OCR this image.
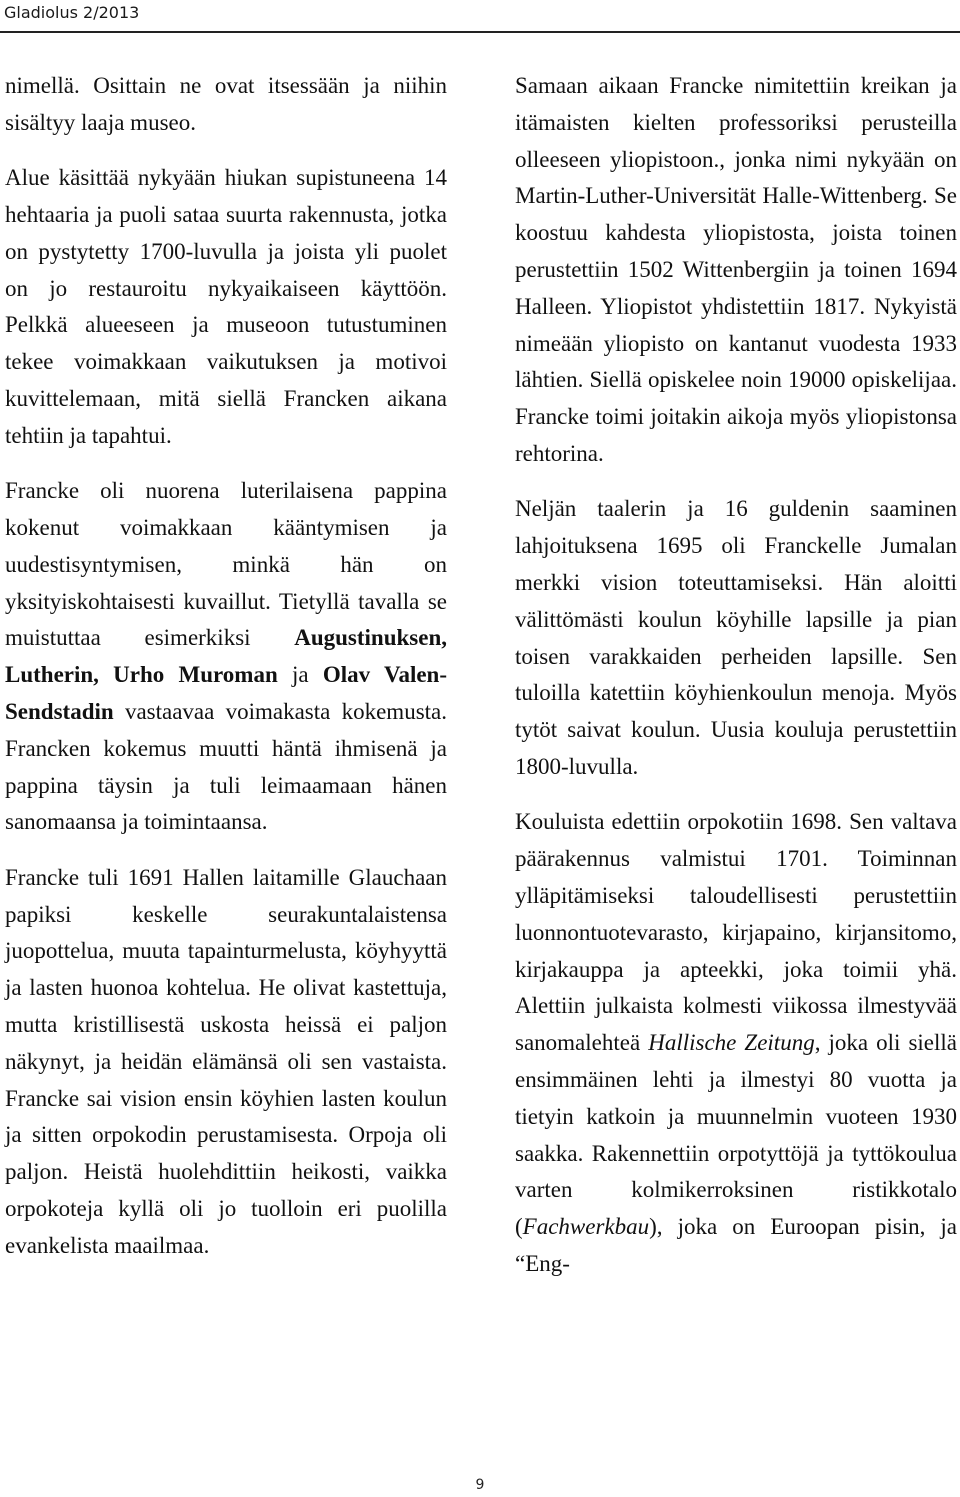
Gladiolus 2/2013

nimellä. Osittain ne ovat itsessään ja niihin sisältyy laaja museo.

Alue käsittää nykyään hiukan supistuneena 14 hehtaaria ja puoli sataa suurta rakennusta, jotka on pystytetty 1700-luvulla ja joista yli puolet on jo restauroitu nykyaikaiseen käyttöön. Pelkkä alueeseen ja museoon tutustuminen tekee voimakkaan vaikutuksen ja motivoi kuvittelemaan, mitä siellä Francken aikana tehtiin ja tapahtui.

Francke oli nuorena luterilaisena pappina kokenut voimakkaan kääntymisen ja uudestisyntymisen, minkä hän on yksityiskohtaisesti kuvaillut. Tietyllä tavalla se muistuttaa esimerkiksi Augustinuksen, Lutherin, Urho Muroman ja Olav Valen-Sendstadin vastaavaa voimakasta kokemusta. Francken kokemus muutti häntä ihmisenä ja pappina täysin ja tuli leimaamaan hänen sanomaansa ja toimintaansa.

Francke tuli 1691 Hallen laitamille Glauchaan papiksi keskelle seurakuntalaistensa juopottelua, muuta tapainturmelusta, köyhyyttä ja lasten huonoa kohtelua. He olivat kastettuja, mutta kristillisestä uskosta heissä ei paljon näkynyt, ja heidän elämänsä oli sen vastaista. Francke sai vision ensin köyhien lasten koulun ja sitten orpokodin perustamisesta. Orpoja oli paljon. Heistä huolehdittiin heikosti, vaikka orpokoteja kyllä oli jo tuolloin eri puolilla evankelista maailmaa.

Samaan aikaan Francke nimitettiin kreikan ja itämaisten kielten professoriksi perusteilla olleeseen yliopistoon., jonka nimi nykyään on Martin-Luther-Universität Halle-Wittenberg. Se koostuu kahdesta yliopistosta, joista toinen perustettiin 1502 Wittenbergiin ja toinen 1694 Halleen. Yliopistot yhdistettiin 1817. Nykyistä nimeään yliopisto on kantanut vuodesta 1933 lähtien. Siellä opiskelee noin 19000 opiskelijaa. Francke toimi joitakin aikoja myös yliopistonsa rehtorina.

Neljän taalerin ja 16 guldenin saaminen lahjoituksena 1695 oli Franckelle Jumalan merkki vision toteuttamiseksi. Hän aloitti välittömästi koulun köyhille lapsille ja pian toisen varakkaiden perheiden lapsille. Sen tuloilla katettiin köyhienkoulun menoja. Myös tytöt saivat koulun. Uusia kouluja perustettiin 1800-luvulla.

Kouluista edettiin orpokotiin 1698. Sen valtava päärakennus valmistui 1701. Toiminnan ylläpitämiseksi taloudellisesti perustettiin luonnontuotevarasto, kirjapaino, kirjansitomo, kirjakauppa ja apteekki, joka toimii yhä. Alettiin julkaista kolmesti viikossa ilmestyvää sanomalehteä Hallische Zeitung, joka oli siellä ensimmäinen lehti ja ilmestyi 80 vuotta ja tietyin katkoin ja muunnelmin vuoteen 1930 saakka. Rakennettiin orpotyttöjä ja tyttökoulua varten kolmikerroksinen ristikkotalo (Fachwerkbau), joka on Euroopan pisin, ja “Eng-

9
